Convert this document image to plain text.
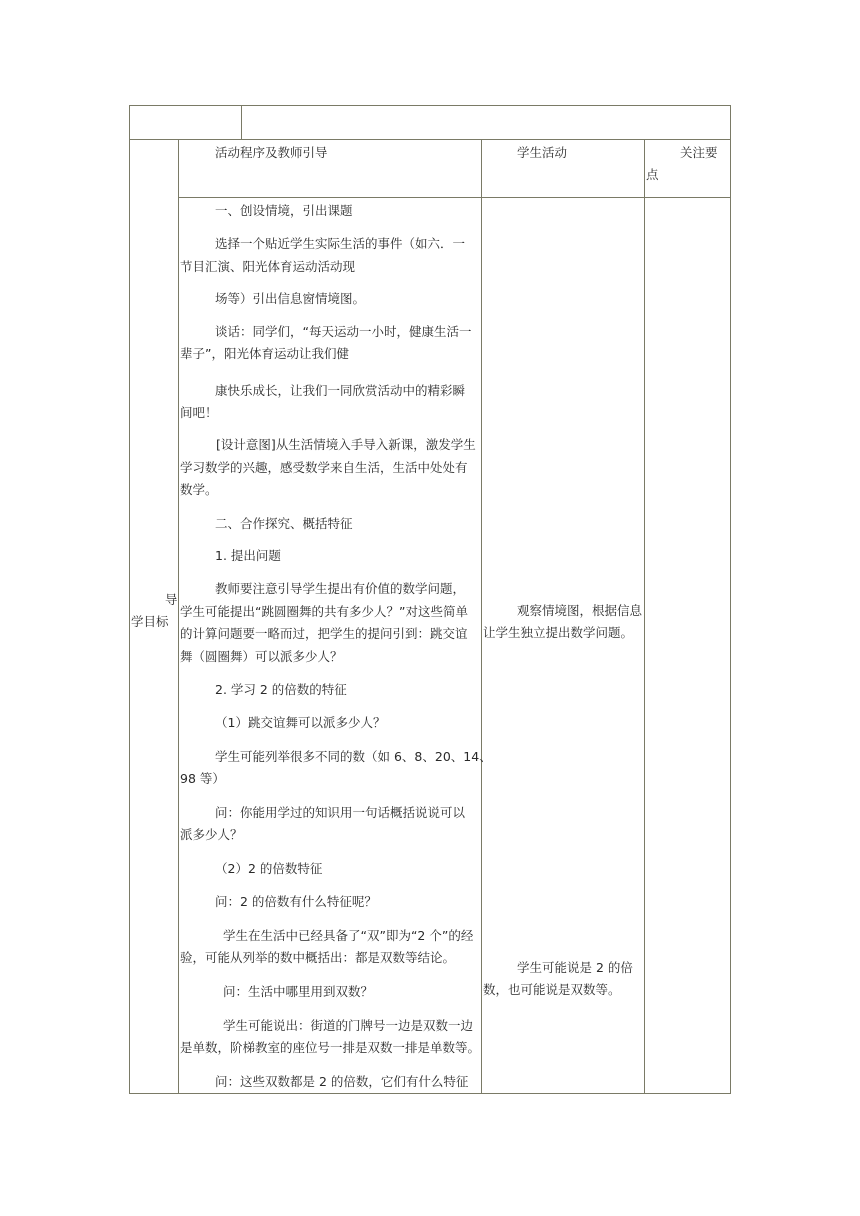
活动程序及教师引导	学生活动	关注要
点
导
学目标
一、创设情境，引出课题
选择一个贴近学生实际生活的事件（如六．一
节目汇演、阳光体育运动活动现
场等）引出信息窗情境图。
谈话：同学们，“每天运动一小时，健康生活一
辈子”，阳光体育运动让我们健
康快乐成长，让我们一同欣赏活动中的精彩瞬
间吧！
[设计意图]从生活情境入手导入新课，激发学生
学习数学的兴趣，感受数学来自生活，生活中处处有
数学。
二、合作探究、概括特征
1. 提出问题
教师要注意引导学生提出有价值的数学问题，
学生可能提出“跳圆圈舞的共有多少人？”对这些简单
的计算问题要一略而过，把学生的提问引到：跳交谊
舞（圆圈舞）可以派多少人？
2. 学习 2 的倍数的特征
（1）跳交谊舞可以派多少人？
学生可能列举很多不同的数（如 6、8、20、14、
98 等）
问：你能用学过的知识用一句话概括说说可以
派多少人？
（2）2 的倍数特征
问：2 的倍数有什么特征呢？
学生在生活中已经具备了“双”即为“2 个”的经
验，可能从列举的数中概括出：都是双数等结论。
问：生活中哪里用到双数？
学生可能说出：街道的门牌号一边是双数一边
是单数，阶梯教室的座位号一排是双数一排是单数等。
问：这些双数都是 2 的倍数，它们有什么特征
观察情境图，根据信息
让学生独立提出数学问题。
学生可能说是 2 的倍
数，也可能说是双数等。
